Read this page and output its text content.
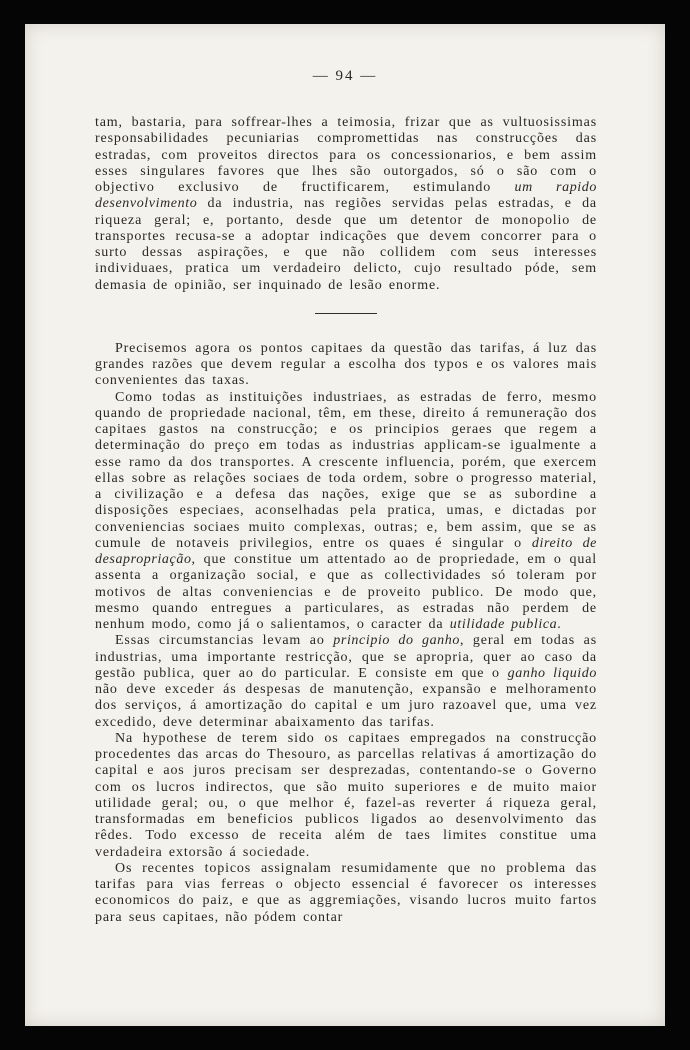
— 94 —

tam, bastaria, para soffrear-lhes a teimosia, frizar que as vultuosissimas responsabilidades pecuniarias compromettidas nas construcções das estradas, com proveitos directos para os concessionarios, e bem assim esses singulares favores que lhes são outorgados, só o são com o objectivo exclusivo de fructificarem, estimulando um rapido desenvolvimento da industria, nas regiões servidas pelas estradas, e da riqueza geral; e, portanto, desde que um detentor de monopolio de transportes recusa-se a adoptar indicações que devem concorrer para o surto dessas aspirações, e que não collidem com seus interesses individuaes, pratica um verdadeiro delicto, cujo resultado póde, sem demasia de opinião, ser inquinado de lesão enorme.

Precisemos agora os pontos capitaes da questão das tarifas, á luz das grandes razões que devem regular a escolha dos typos e os valores mais convenientes das taxas.

Como todas as instituições industriaes, as estradas de ferro, mesmo quando de propriedade nacional, têm, em these, direito á remuneração dos capitaes gastos na construcção; e os principios geraes que regem a determinação do preço em todas as industrias applicam-se igualmente a esse ramo da dos transportes. A crescente influencia, porém, que exercem ellas sobre as relações sociaes de toda ordem, sobre o progresso material, a civilização e a defesa das nações, exige que se as subordine a disposições especiaes, aconselhadas pela pratica, umas, e dictadas por conveniencias sociaes muito complexas, outras; e, bem assim, que se as cumule de notaveis privilegios, entre os quaes é singular o direito de desapropriação, que constitue um attentado ao de propriedade, em o qual assenta a organização social, e que as collectividades só toleram por motivos de altas conveniencias e de proveito publico. De modo que, mesmo quando entregues a particulares, as estradas não perdem de nenhum modo, como já o salientamos, o caracter da utilidade publica.

Essas circumstancias levam ao principio do ganho, geral em todas as industrias, uma importante restricção, que se apropria, quer ao caso da gestão publica, quer ao do particular. E consiste em que o ganho liquido não deve exceder ás despesas de manutenção, expansão e melhoramento dos serviços, á amortização do capital e um juro razoavel que, uma vez excedido, deve determinar abaixamento das tarifas.

Na hypothese de terem sido os capitaes empregados na construcção procedentes das arcas do Thesouro, as parcellas relativas á amortização do capital e aos juros precisam ser desprezadas, contentando-se o Governo com os lucros indirectos, que são muito superiores e de muito maior utilidade geral; ou, o que melhor é, fazel-as reverter á riqueza geral, transformadas em beneficios publicos ligados ao desenvolvimento das rêdes. Todo excesso de receita além de taes limites constitue uma verdadeira extorsão á sociedade.

Os recentes topicos assignalam resumidamente que no problema das tarifas para vias ferreas o objecto essencial é favorecer os interesses economicos do paiz, e que as aggremiações, visando lucros muito fartos para seus capitaes, não pódem contar
